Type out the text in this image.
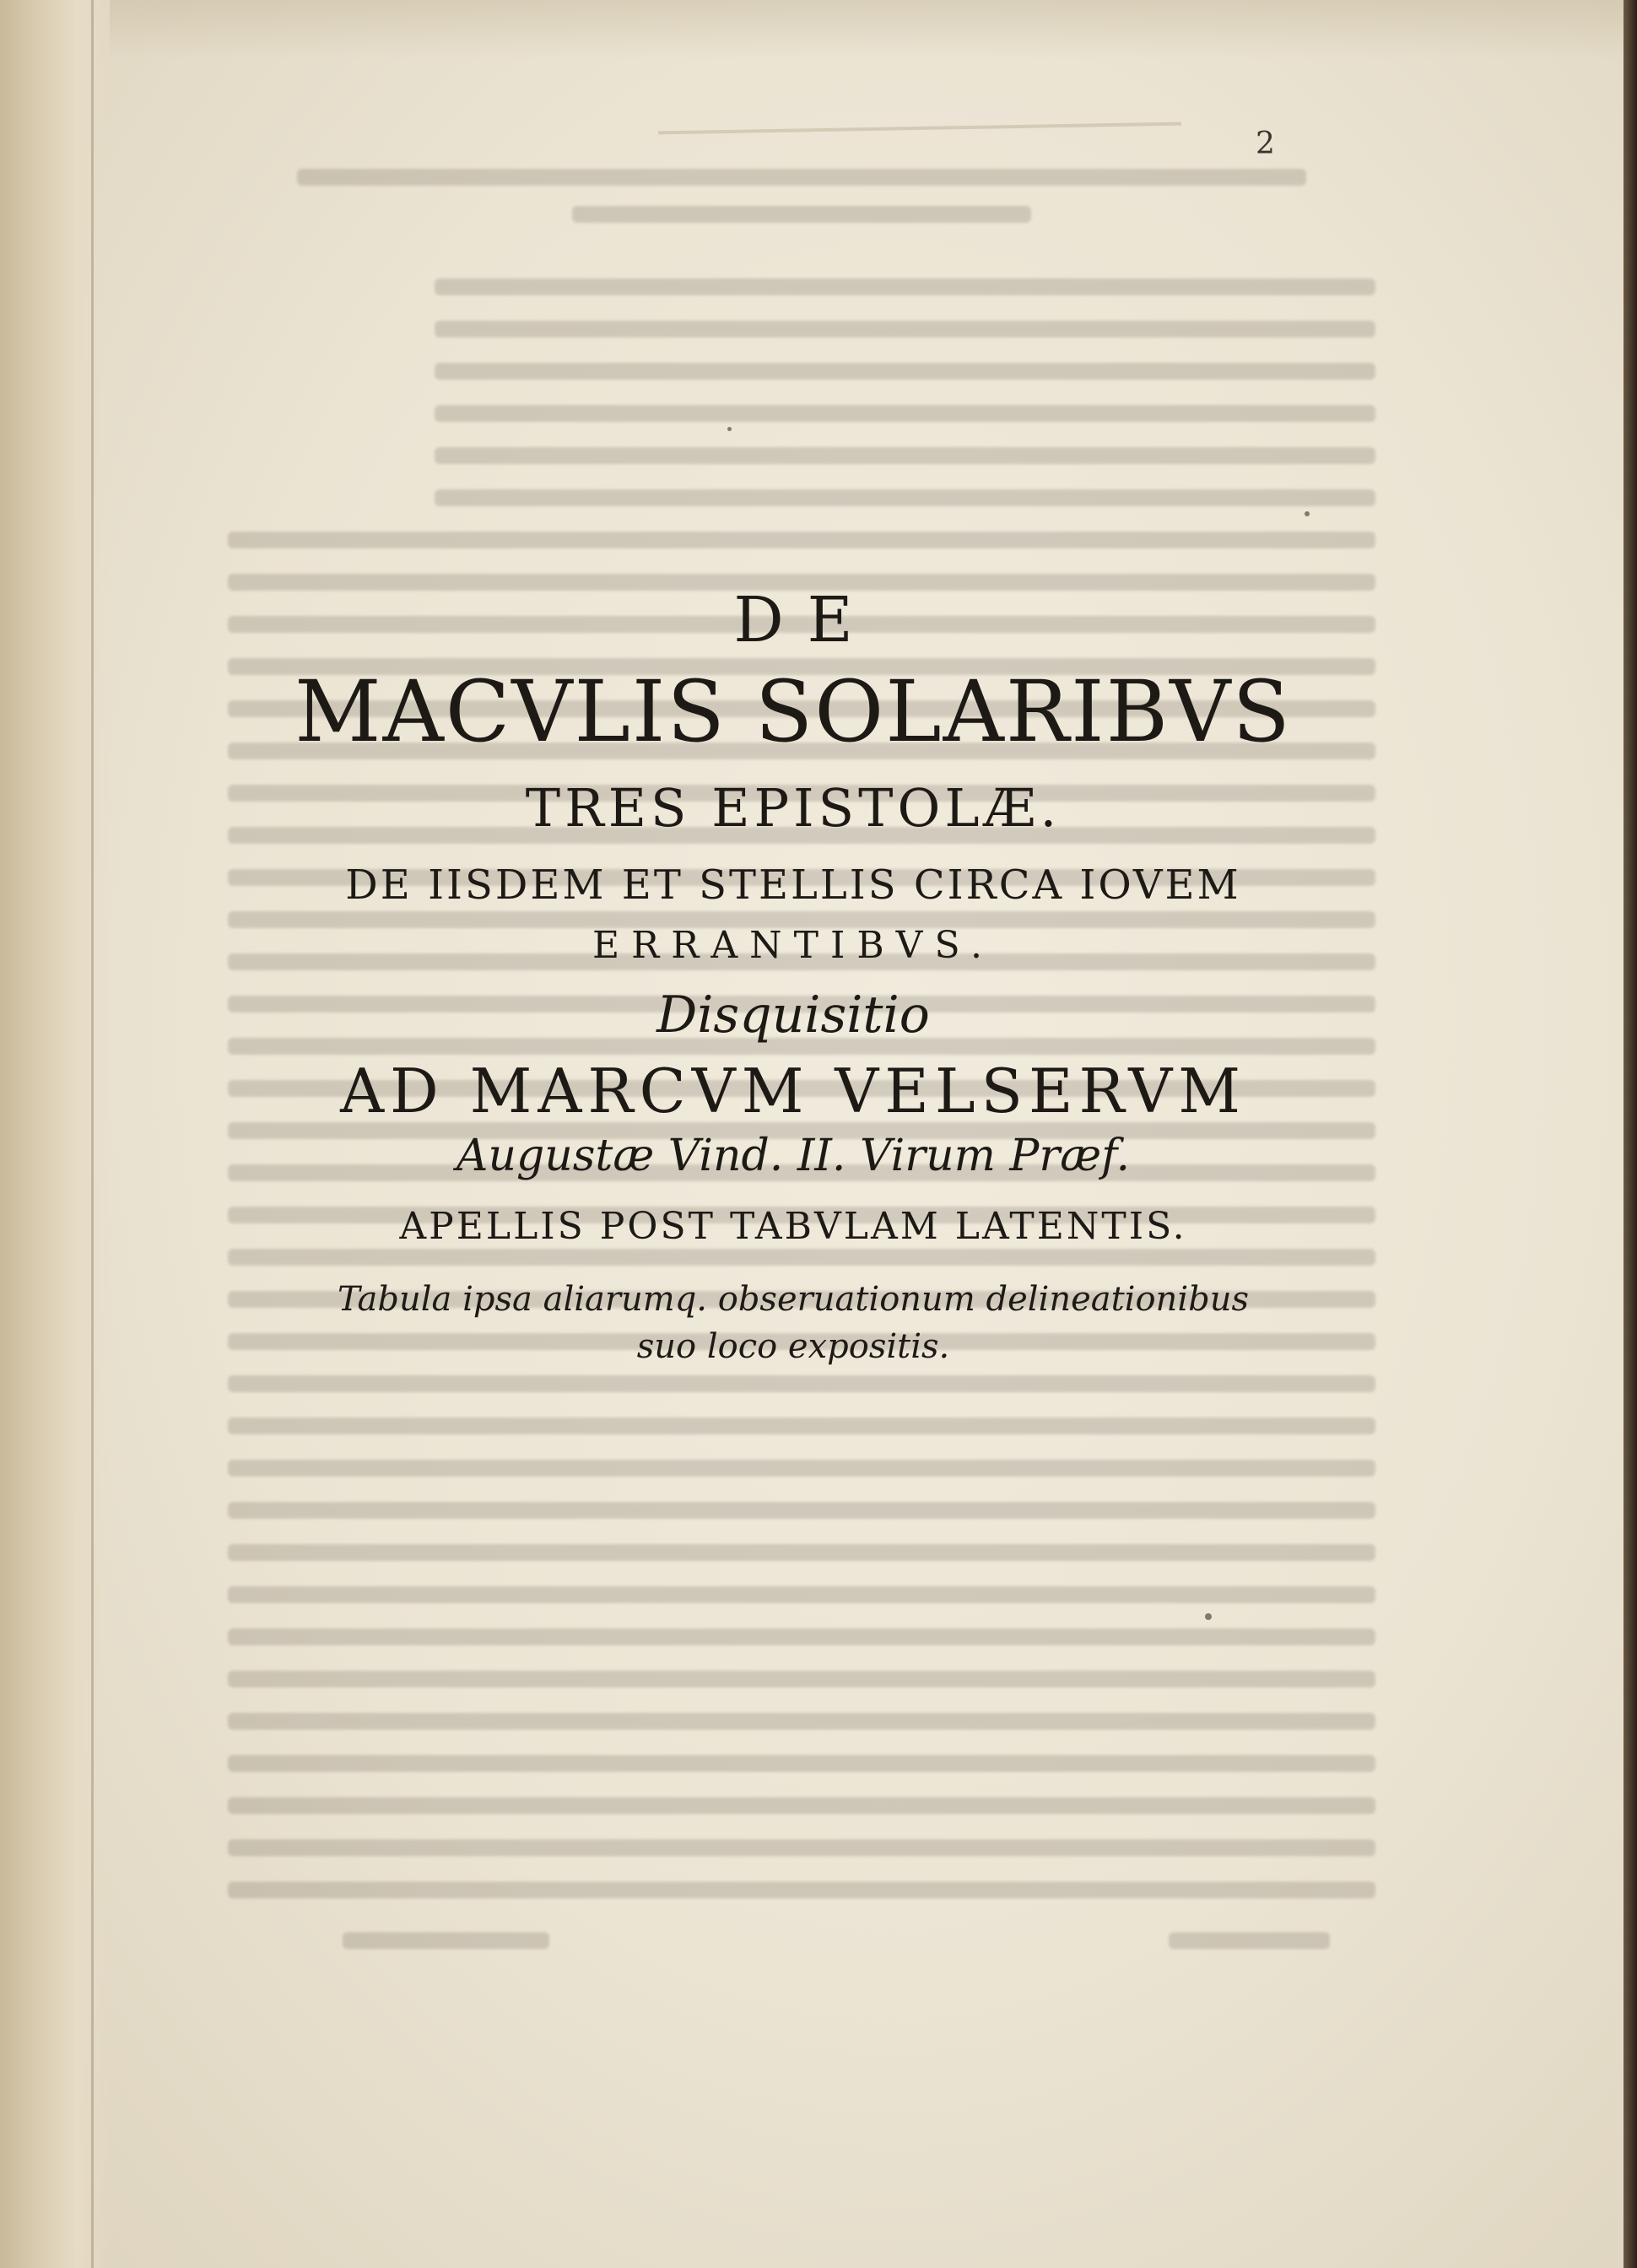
2
DE
MACVLIS SOLARIBVS
TRES EPISTOLÆ.
DE IISDEM ET STELLIS CIRCA IOVEM
ERRANTIBVS.
Disquisitio
AD MARCVM VELSERVM
Augustæ Vind. II. Virum Præf.
APELLIS POST TABVLAM LATENTIS.
Tabula ipsa aliarumq. obseruationum delineationibus
suo loco expositis.
